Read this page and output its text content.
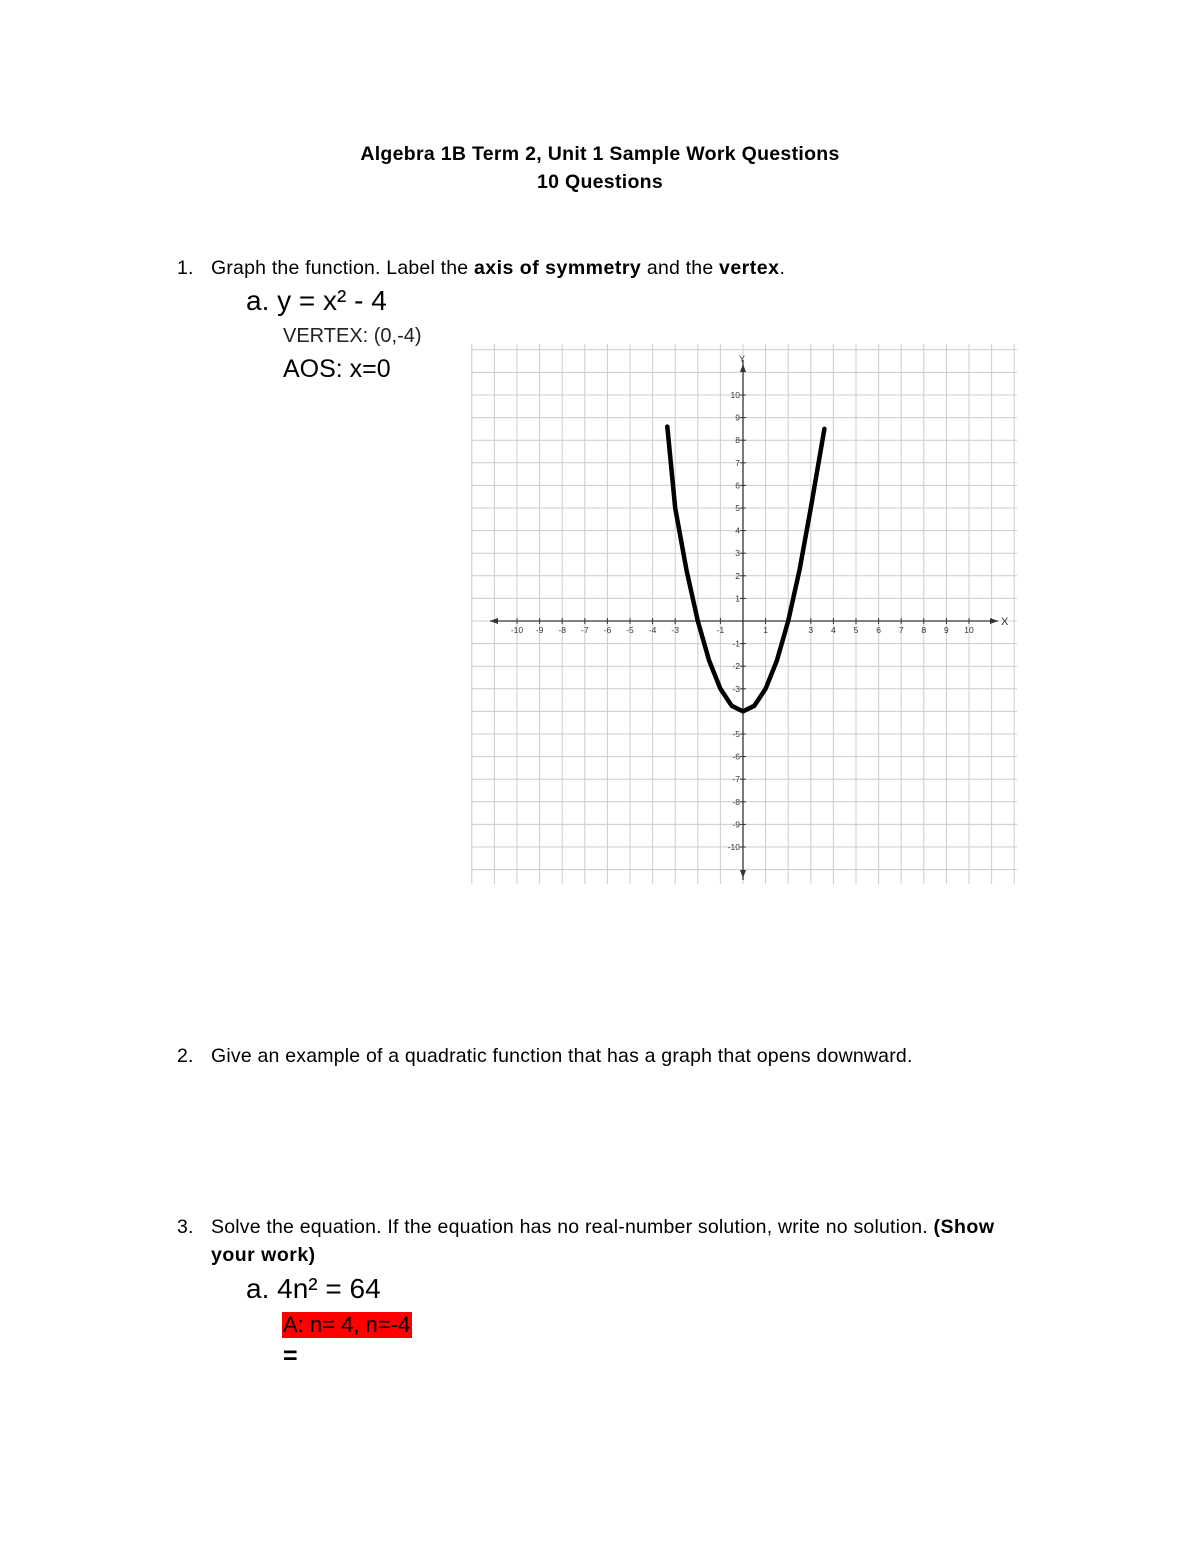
Algebra 1B Term 2, Unit 1 Sample Work Questions
10 Questions
1. Graph the function. Label the axis of symmetry and the vertex.
a. y = x² - 4
VERTEX: (0,-4)
AOS: x=0
X
Y
-10 -9 -8 -7 -6 -5 -4 -3	-1	1	3 4 5 6 7 8 9 10
10
9
8
7
6
5
4
3
2
1
-1
-2
-3
-5
-6
-7
-8
-9
-10
2. Give an example of a quadratic function that has a graph that opens downward.
3. Solve the equation. If the equation has no real-number solution, write no solution. (Show
your work)
a. 4n² = 64
A: n= 4, n=-4
=
